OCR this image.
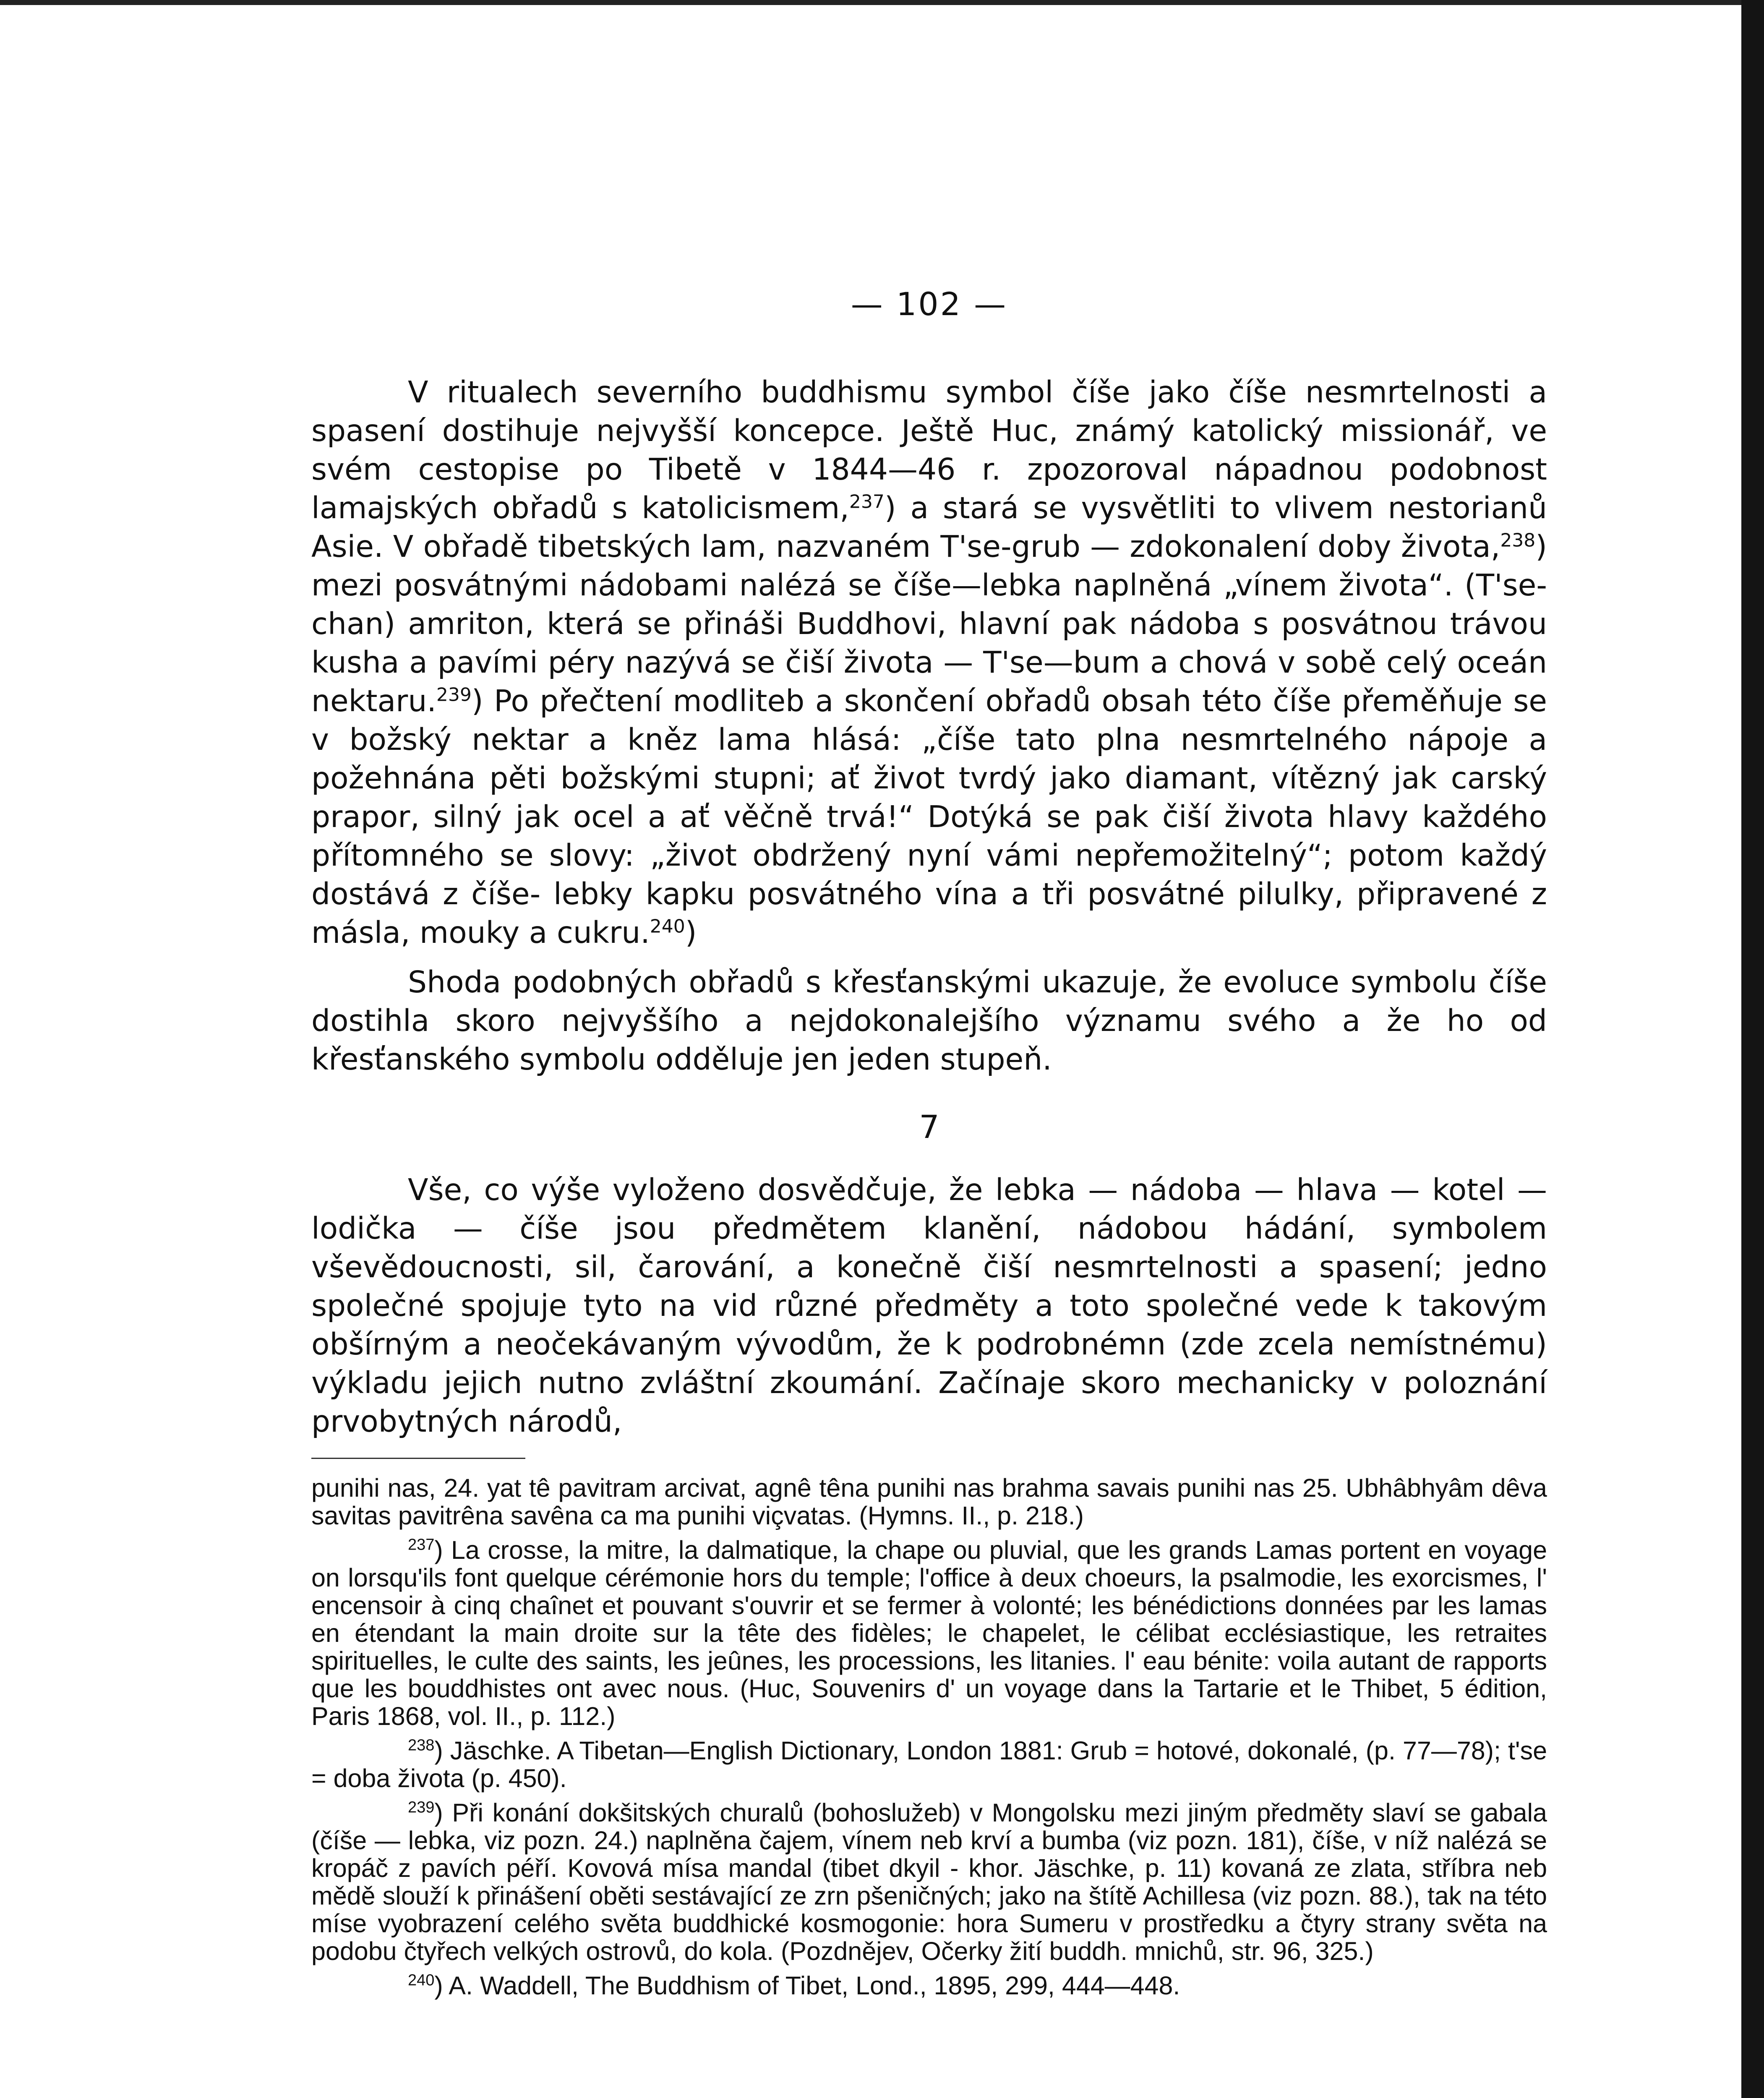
— 102 —

V ritualech severního buddhismu symbol číše jako číše nesmrtelnosti a spasení dostihuje nejvyšší koncepce. Ještě Huc, známý katolický missionář, ve svém cestopise po Tibetě v 1844—46 r. zpozoroval nápadnou podobnost lamajských obřadů s katolicismem,$^{237}$) a stará se vysvětliti to vlivem nestorianů Asie. V obřadě tibetských lam, nazvaném T'se-grub — zdokonalení doby života,$^{238}$) mezi posvátnými nádobami nalézá se číše—lebka naplněná „vínem života“. (T'se-chan) amriton, která se přináši Buddhovi, hlavní pak nádoba s posvátnou trávou kusha a pavími péry nazývá se čiší života — T'se—bum a chová v sobě celý oceán nektaru.$^{239}$) Po přečtení modliteb a skončení obřadů obsah této číše přeměňuje se v božský nektar a kněz lama hlásá: „číše tato plna nesmrtelného nápoje a požehnána pěti božskými stupni; ať život tvrdý jako diamant, vítězný jak carský prapor, silný jak ocel a ať věčně trvá!“ Dotýká se pak čiší života hlavy každého přítomného se slovy: „život obdržený nyní vámi nepřemožitelný“; potom každý dostává z číše- lebky kapku posvátného vína a tři posvátné pilulky, připravené z másla, mouky a cukru.$^{240}$)

Shoda podobných obřadů s křesťanskými ukazuje, že evoluce symbolu číše dostihla skoro nejvyššího a nejdokonalejšího významu svého a že ho od křesťanského symbolu odděluje jen jeden stupeň.

7

Vše, co výše vyloženo dosvědčuje, že lebka — nádoba — hlava — kotel — lodička — číše jsou předmětem klanění, nádobou hádání, symbolem vševědoucnosti, sil, čarování, a konečně čiší nesmrtelnosti a spasení; jedno společné spojuje tyto na vid různé předměty a toto společné vede k takovým obšírným a neočekávaným vývodům, že k podrobnémn (zde zcela nemístnému) výkladu jejich nutno zvláštní zkoumání. Začínaje skoro mechanicky v poloznání prvobytných národů,

punihi nas, 24. yat tê pavitram arcivat, agnê têna punihi nas brahma savais punihi nas 25. Ubhâbhyâm dêva savitas pavitrêna savêna ca ma punihi viçvatas. (Hymns. II., p. 218.)

$^{237}$) La crosse, la mitre, la dalmatique, la chape ou pluvial, que les grands Lamas portent en voyage on lorsqu'ils font quelque cérémonie hors du temple; l'office à deux choeurs, la psalmodie, les exorcismes, l' encensoir à cinq chaînet et pouvant s'ouvrir et se fermer à volonté; les bénédictions données par les lamas en étendant la main droite sur la tête des fidèles; le chapelet, le célibat ecclésiastique, les retraites spirituelles, le culte des saints, les jeûnes, les processions, les litanies. l' eau bénite: voila autant de rapports que les bouddhistes ont avec nous. (Huc, Souvenirs d' un voyage dans la Tartarie et le Thibet, 5 édition, Paris 1868, vol. II., p. 112.)

$^{238}$) Jäschke. A Tibetan—English Dictionary, London 1881: Grub = hotové, dokonalé, (p. 77—78); t'se = doba života (p. 450).

$^{239}$) Při konání dokšitských churalů (bohoslužeb) v Mongolsku mezi jiným předměty slaví se gabala (číše — lebka, viz pozn. 24.) naplněna čajem, vínem neb krví a bumba (viz pozn. 181), číše, v níž nalézá se kropáč z pavích péří. Kovová mísa mandal (tibet dkyil - khor. Jäschke, p. 11) kovaná ze zlata, stříbra neb mědě slouží k přinášení oběti sestávající ze zrn pšeničných; jako na štítě Achillesa (viz pozn. 88.), tak na této míse vyobrazení celého světa buddhické kosmogonie: hora Sumeru v prostředku a čtyry strany světa na podobu čtyřech velkých ostrovů, do kola. (Pozdnějev, Očerky žití buddh. mnichů, str. 96, 325.)

$^{240}$) A. Waddell, The Buddhism of Tibet, Lond., 1895, 299, 444—448.
